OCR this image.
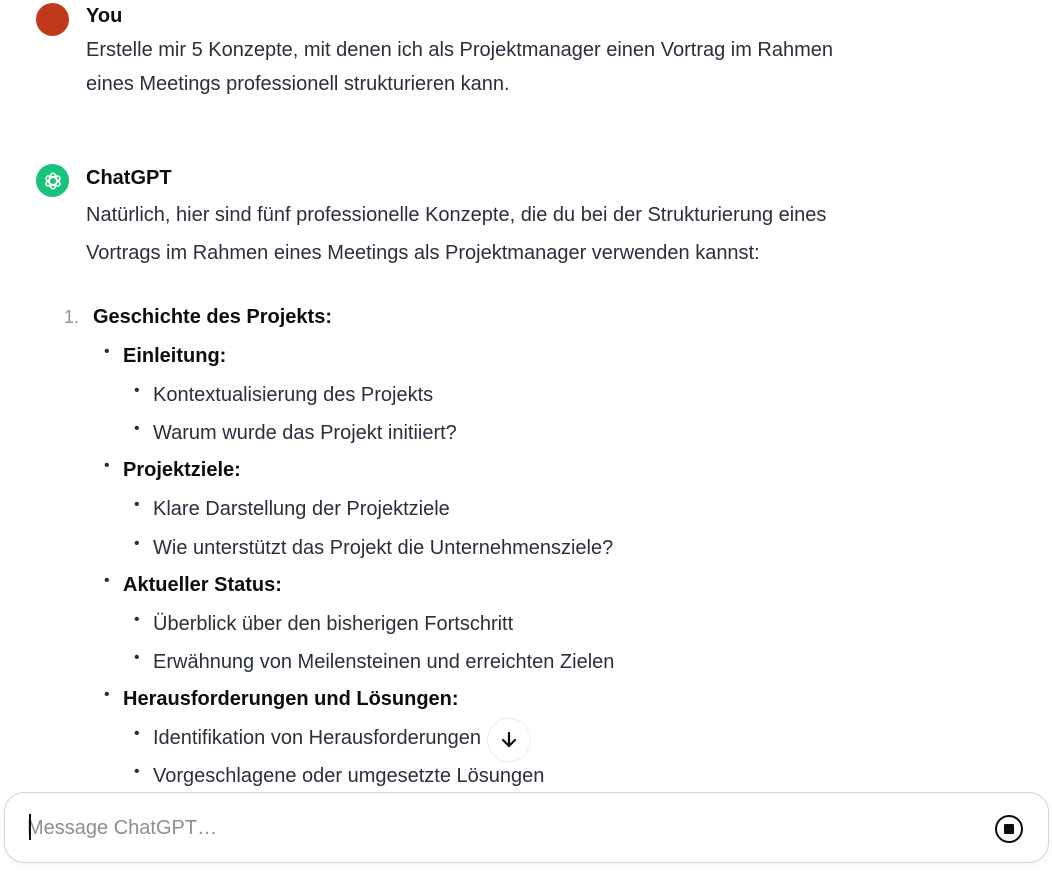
You
Erstelle mir 5 Konzepte, mit denen ich als Projektmanager einen Vortrag im Rahmen
eines Meetings professionell strukturieren kann.
ChatGPT
Natürlich, hier sind fünf professionelle Konzepte, die du bei der Strukturierung eines
Vortrags im Rahmen eines Meetings als Projektmanager verwenden kannst:
1. Geschichte des Projekts:
• Einleitung:
• Kontextualisierung des Projekts
• Warum wurde das Projekt initiiert?
• Projektziele:
• Klare Darstellung der Projektziele
• Wie unterstützt das Projekt die Unternehmensziele?
• Aktueller Status:
• Überblick über den bisherigen Fortschritt
• Erwähnung von Meilensteinen und erreichten Zielen
• Herausforderungen und Lösungen:
• Identifikation von Herausforderungen
• Vorgeschlagene oder umgesetzte Lösungen
Message ChatGPT…
